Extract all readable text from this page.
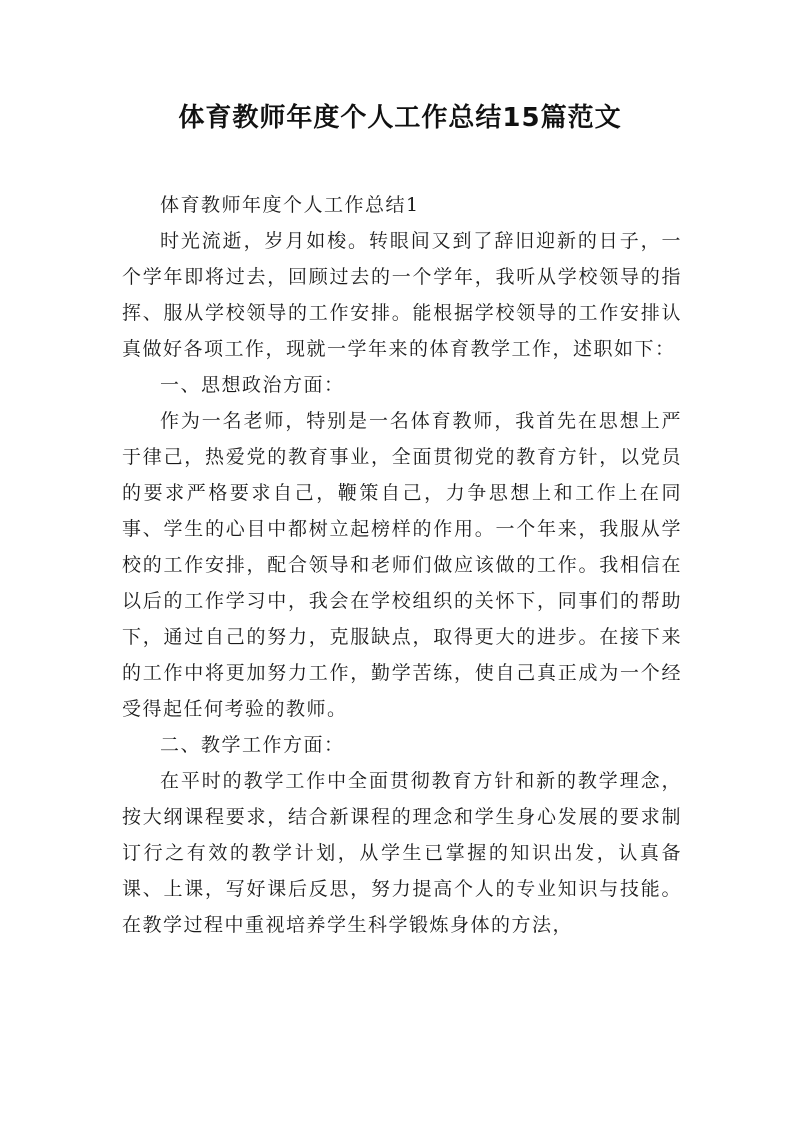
体育教师年度个人工作总结15篇范文

体育教师年度个人工作总结1

时光流逝，岁月如梭。转眼间又到了辞旧迎新的日子，一个学年即将过去，回顾过去的一个学年，我听从学校领导的指挥、服从学校领导的工作安排。能根据学校领导的工作安排认真做好各项工作，现就一学年来的体育教学工作，述职如下：

一、思想政治方面：

作为一名老师，特别是一名体育教师，我首先在思想上严于律己，热爱党的教育事业，全面贯彻党的教育方针，以党员的要求严格要求自己，鞭策自己，力争思想上和工作上在同事、学生的心目中都树立起榜样的作用。一个年来，我服从学校的工作安排，配合领导和老师们做应该做的工作。我相信在以后的工作学习中，我会在学校组织的关怀下，同事们的帮助下，通过自己的努力，克服缺点，取得更大的进步。在接下来的工作中将更加努力工作，勤学苦练，使自己真正成为一个经受得起任何考验的教师。

二、教学工作方面：

在平时的教学工作中全面贯彻教育方针和新的教学理念，按大纲课程要求，结合新课程的理念和学生身心发展的要求制订行之有效的教学计划，从学生已掌握的知识出发，认真备课、上课，写好课后反思，努力提高个人的专业知识与技能。在教学过程中重视培养学生科学锻炼身体的方法，
